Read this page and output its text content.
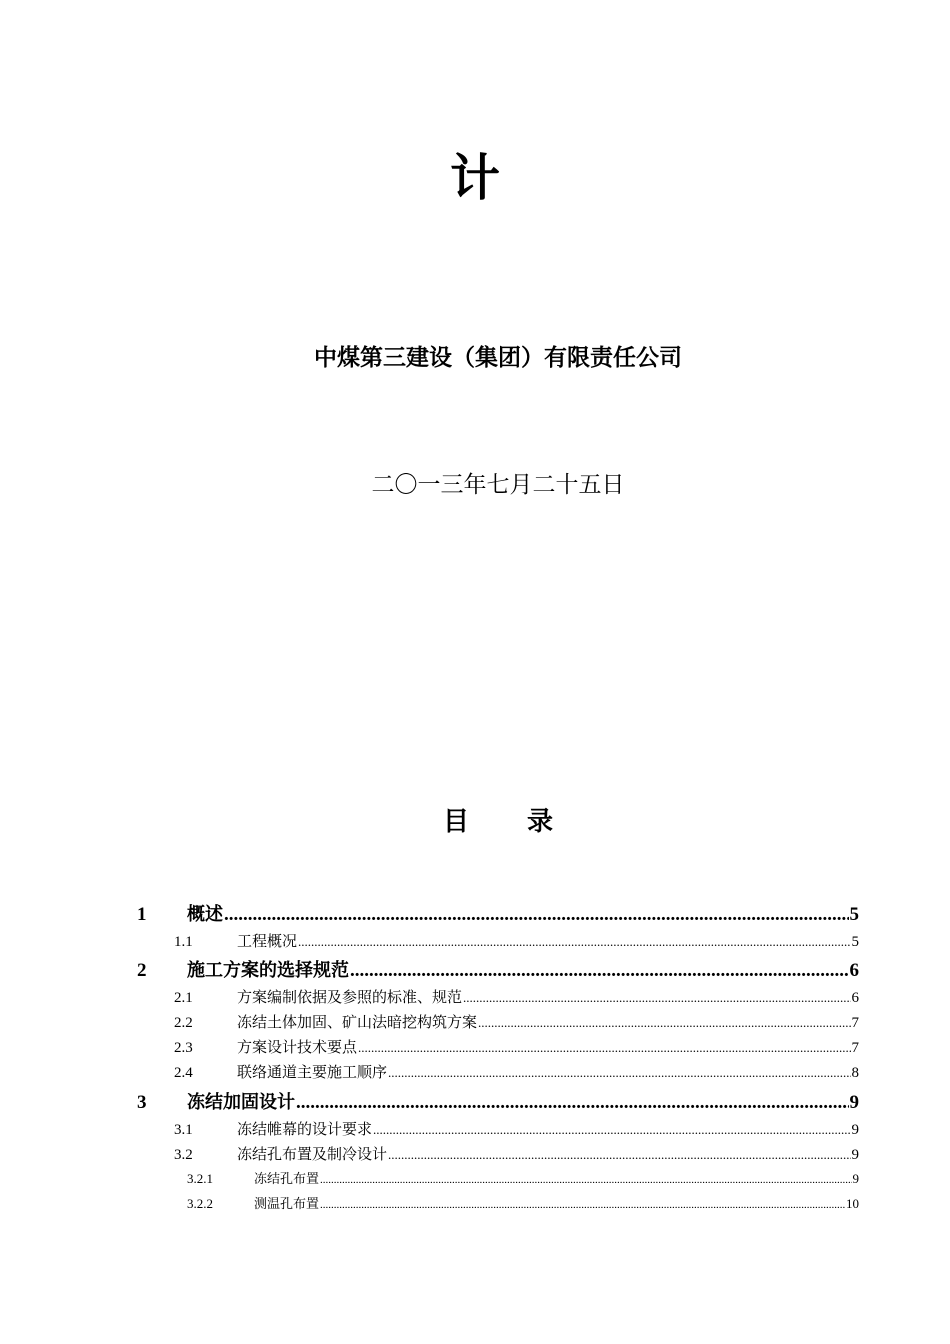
计
中煤第三建设（集团）有限责任公司
二〇一三年七月二十五日
目 录
1	概述 .....	5
1.1	工程概况 .....	5
2	施工方案的选择规范 .....	6
2.1	方案编制依据及参照的标准、规范 .....	6
2.2	冻结土体加固、矿山法暗挖构筑方案 .....	7
2.3	方案设计技术要点 .....	7
2.4	联络通道主要施工顺序 .....	8
3	冻结加固设计 .....	9
3.1	冻结帷幕的设计要求 .....	9
3.2	冻结孔布置及制冷设计 .....	9
3.2.1	冻结孔布置 .....	9
3.2.2	测温孔布置 .....	10
